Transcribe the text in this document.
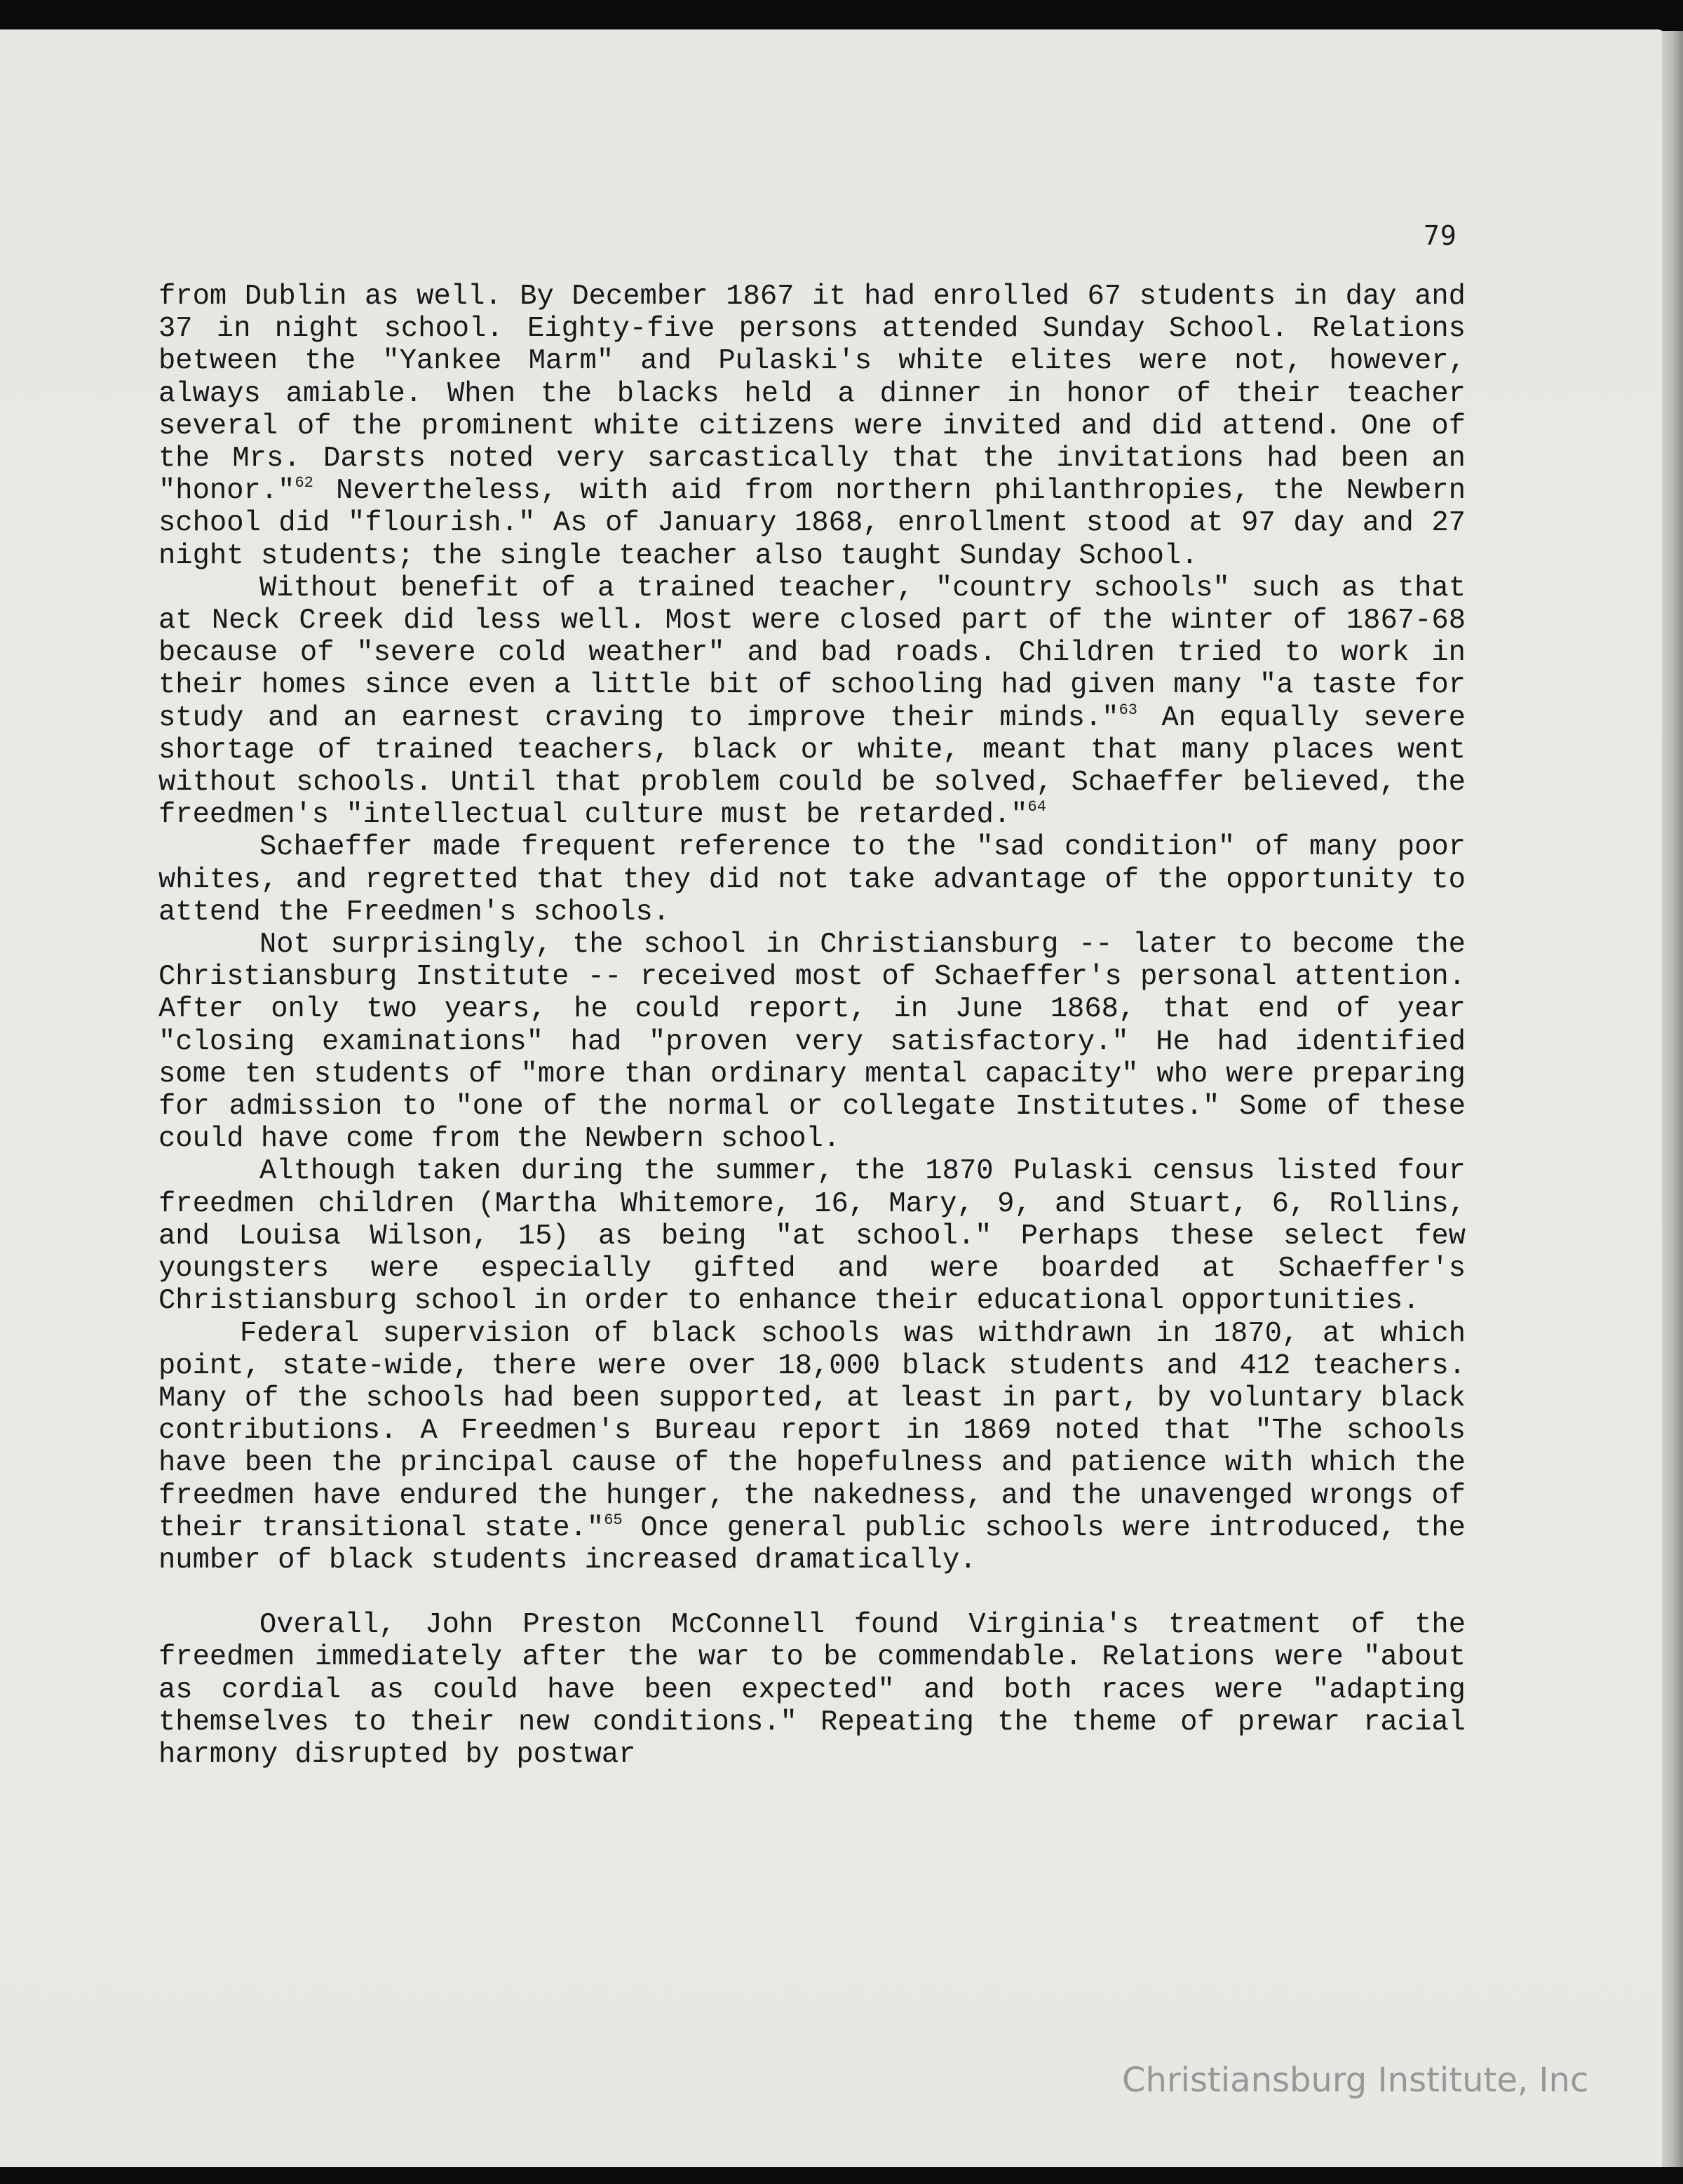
79

from Dublin as well. By December 1867 it had enrolled 67 students in day and 37 in night school. Eighty-five persons attended Sunday School. Relations between the "Yankee Marm" and Pulaski's white elites were not, however, always amiable. When the blacks held a dinner in honor of their teacher several of the prominent white citizens were invited and did attend. One of the Mrs. Darsts noted very sarcastically that the invitations had been an "honor."$^{62}$ Nevertheless, with aid from northern philanthropies, the Newbern school did "flourish." As of January 1868, enrollment stood at 97 day and 27 night students; the single teacher also taught Sunday School.

Without benefit of a trained teacher, "country schools" such as that at Neck Creek did less well. Most were closed part of the winter of 1867-68 because of "severe cold weather" and bad roads. Children tried to work in their homes since even a little bit of schooling had given many "a taste for study and an earnest craving to improve their minds."$^{63}$ An equally severe shortage of trained teachers, black or white, meant that many places went without schools. Until that problem could be solved, Schaeffer believed, the freedmen's "intellectual culture must be retarded."$^{64}$

Schaeffer made frequent reference to the "sad condition" of many poor whites, and regretted that they did not take advantage of the opportunity to attend the Freedmen's schools.

Not surprisingly, the school in Christiansburg -- later to become the Christiansburg Institute -- received most of Schaeffer's personal attention. After only two years, he could report, in June 1868, that end of year "closing examinations" had "proven very satisfactory." He had identified some ten students of "more than ordinary mental capacity" who were preparing for admission to "one of the normal or collegate Institutes." Some of these could have come from the Newbern school.

Although taken during the summer, the 1870 Pulaski census listed four freedmen children (Martha Whitemore, 16, Mary, 9, and Stuart, 6, Rollins, and Louisa Wilson, 15) as being "at school." Perhaps these select few youngsters were especially gifted and were boarded at Schaeffer's Christiansburg school in order to enhance their educational opportunities.

Federal supervision of black schools was withdrawn in 1870, at which point, state-wide, there were over 18,000 black students and 412 teachers. Many of the schools had been supported, at least in part, by voluntary black contributions. A Freedmen's Bureau report in 1869 noted that "The schools have been the principal cause of the hopefulness and patience with which the freedmen have endured the hunger, the nakedness, and the unavenged wrongs of their transitional state."$^{65}$ Once general public schools were introduced, the number of black students increased dramatically.

Overall, John Preston McConnell found Virginia's treatment of the freedmen immediately after the war to be commendable. Relations were "about as cordial as could have been expected" and both races were "adapting themselves to their new conditions." Repeating the theme of prewar racial harmony disrupted by postwar

Christiansburg Institute, Inc
